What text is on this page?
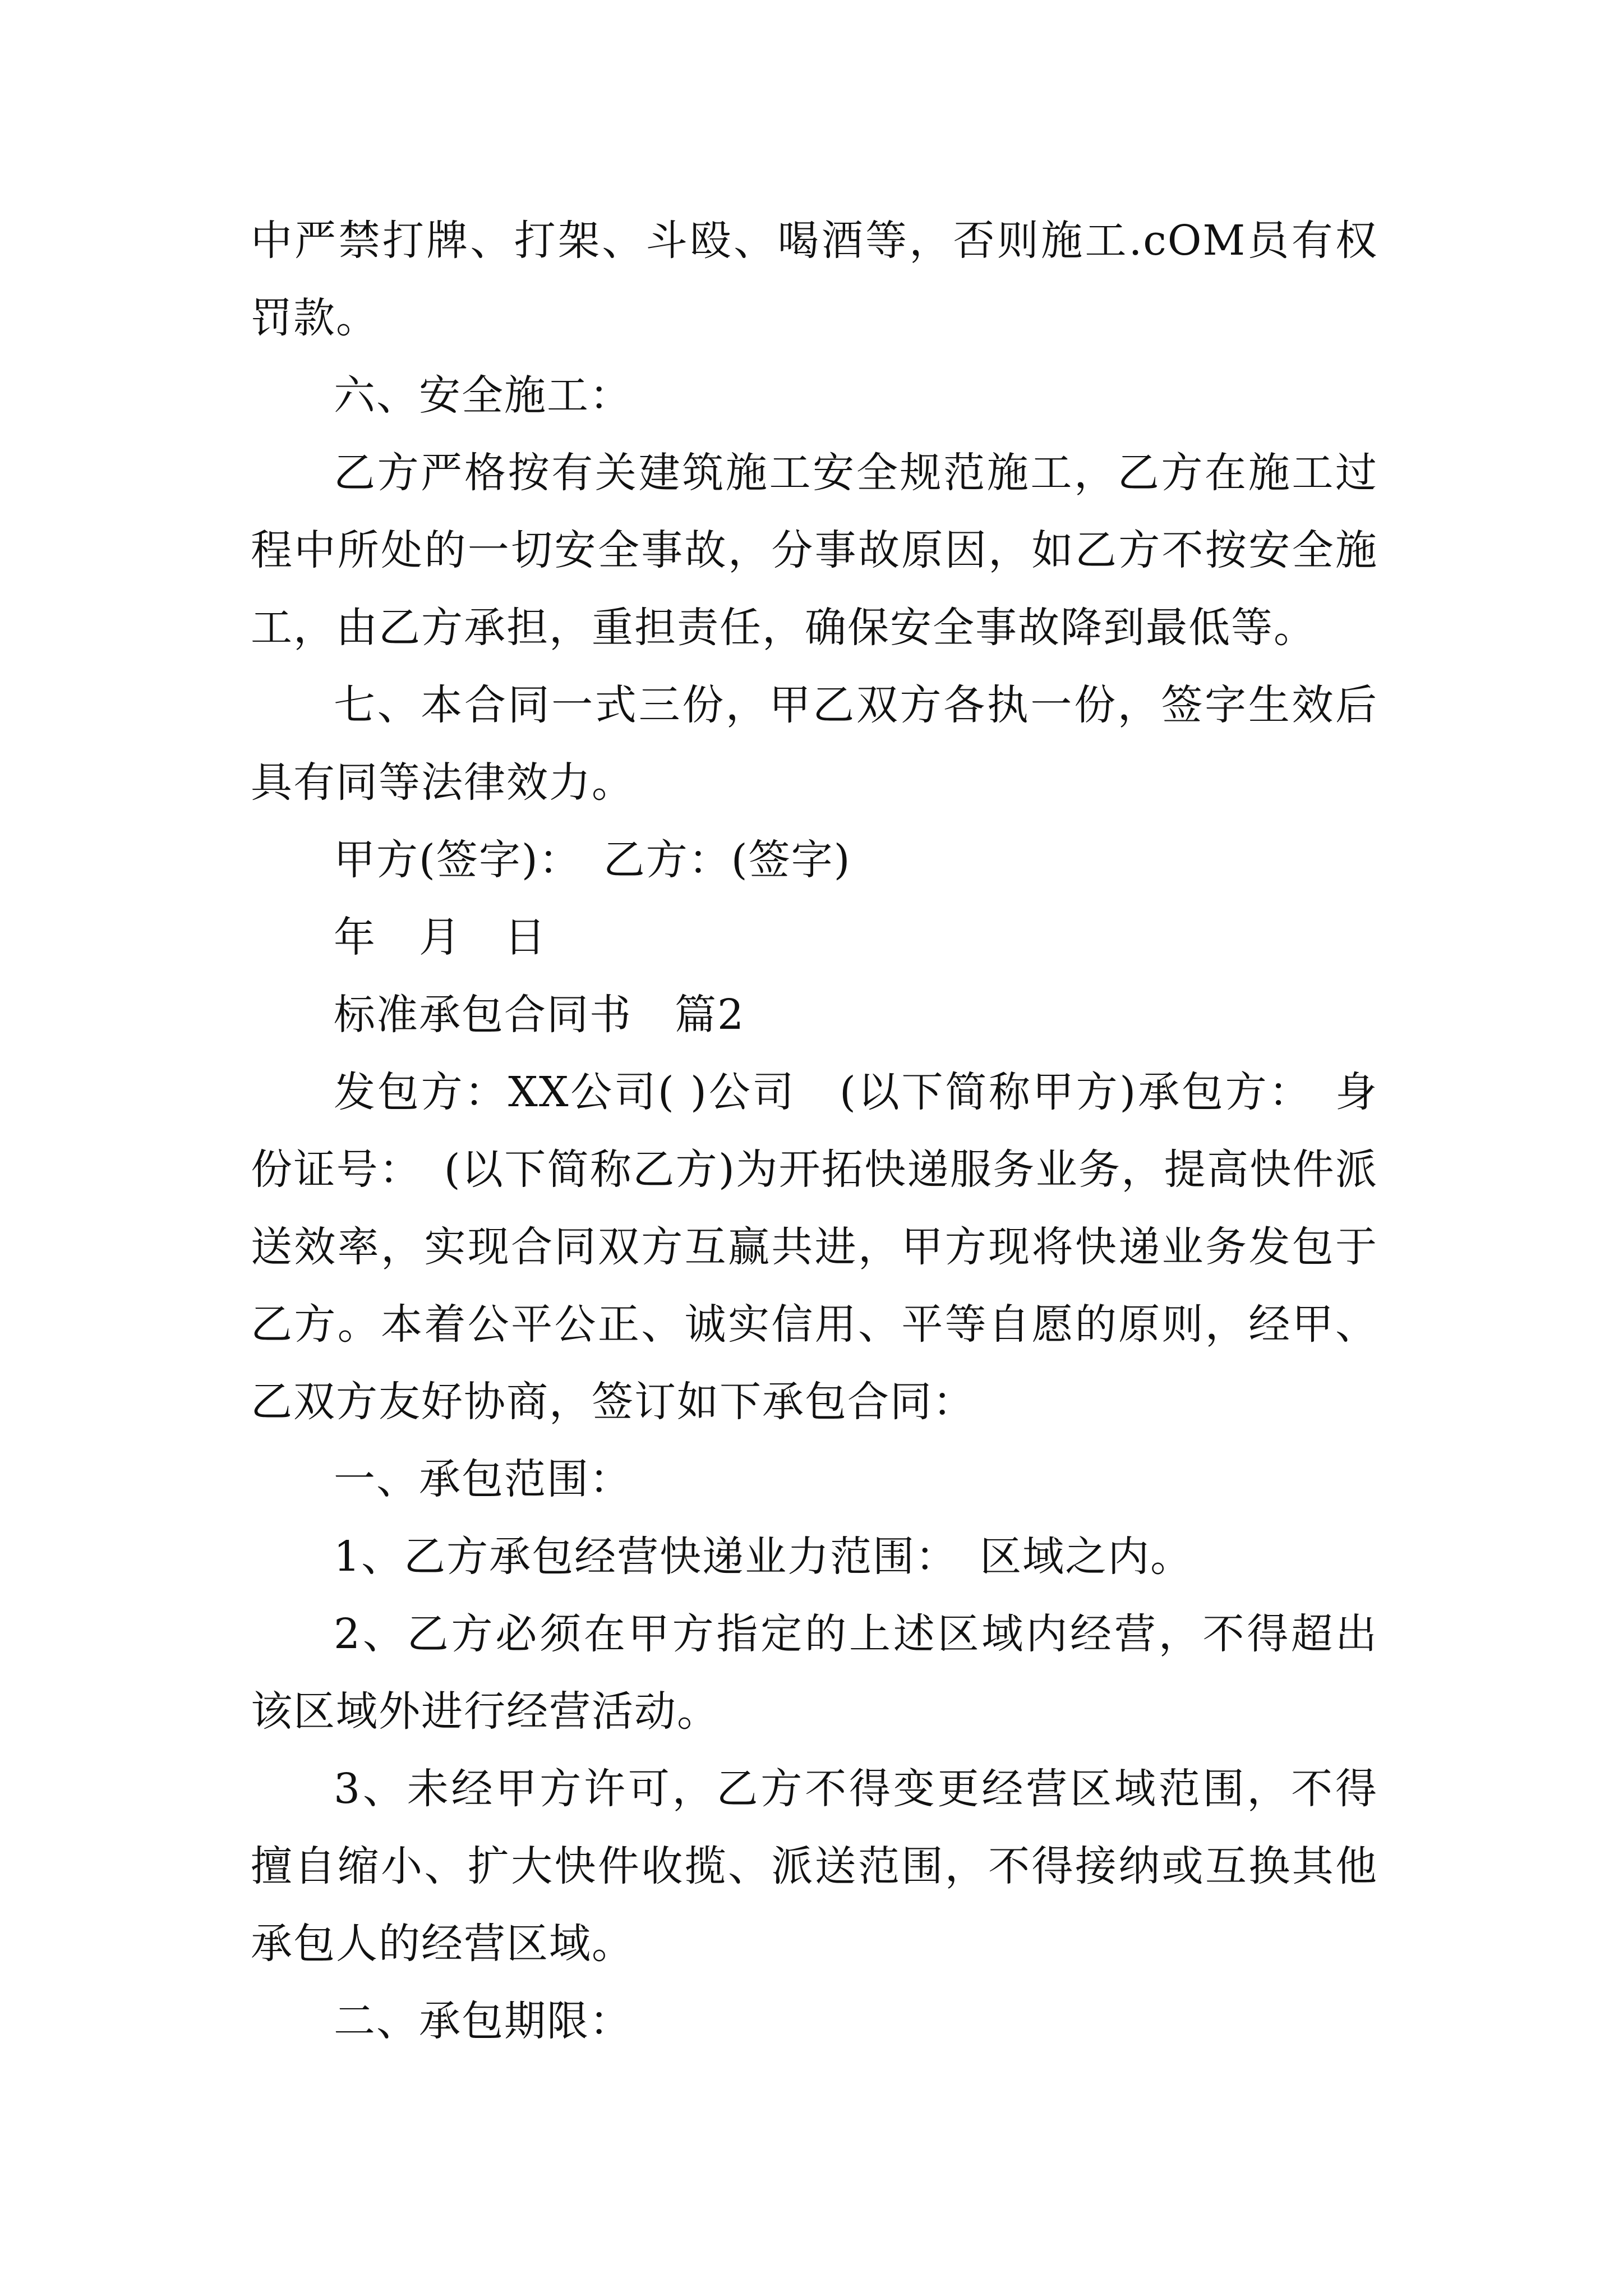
中严禁打牌、打架、斗殴、喝酒等，否则施工.cOM员有权罚款。

六、安全施工：

乙方严格按有关建筑施工安全规范施工，乙方在施工过程中所处的一切安全事故，分事故原因，如乙方不按安全施工，由乙方承担，重担责任，确保安全事故降到最低等。

七、本合同一式三份，甲乙双方各执一份，签字生效后具有同等法律效力。

甲方(签字)：　乙方：(签字)

年　月　日

标准承包合同书　篇2

发包方：XX公司( )公司　(以下简称甲方)承包方：　身份证号：　(以下简称乙方)为开拓快递服务业务，提高快件派送效率，实现合同双方互赢共进，甲方现将快递业务发包于乙方。本着公平公正、诚实信用、平等自愿的原则，经甲、乙双方友好协商，签订如下承包合同：

一、承包范围：

1、乙方承包经营快递业力范围：　区域之内。

2、乙方必须在甲方指定的上述区域内经营，不得超出该区域外进行经营活动。

3、未经甲方许可，乙方不得变更经营区域范围，不得擅自缩小、扩大快件收揽、派送范围，不得接纳或互换其他承包人的经营区域。

二、承包期限：
